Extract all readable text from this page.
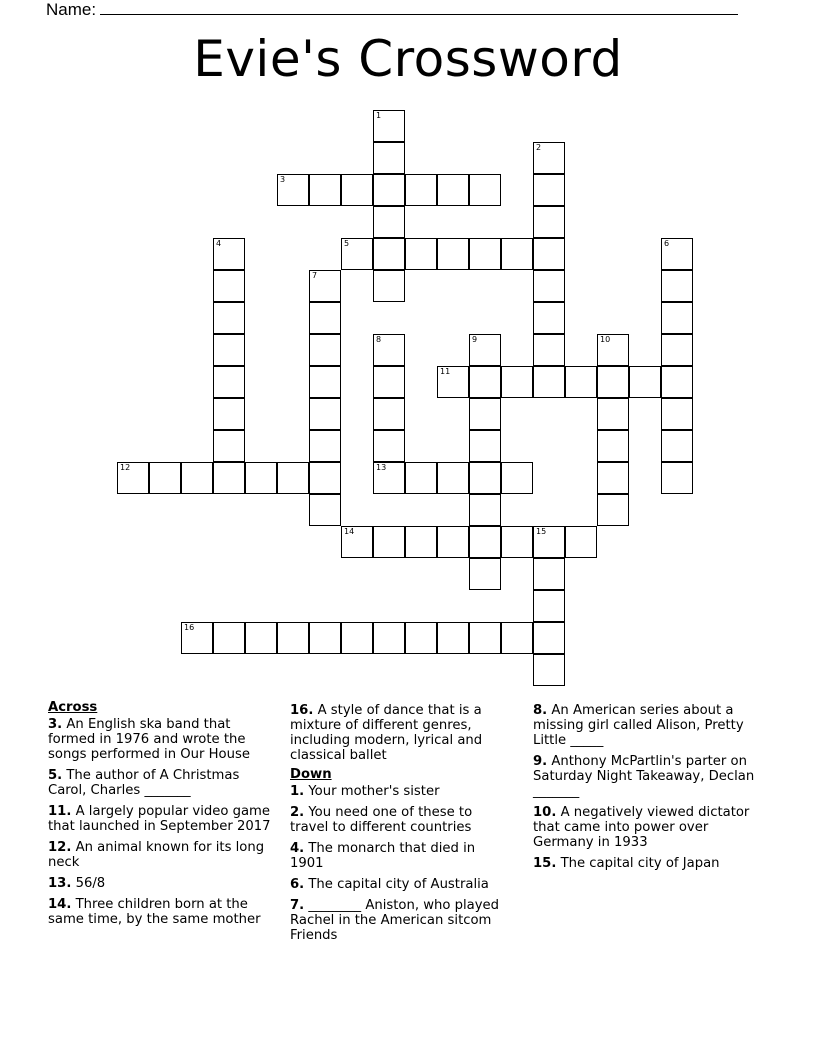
Name:
Evie's Crossword
1
2
3
4	5	6
7
8
13
9	10
11
12
14	15
16
Across
3. An English ska band that formed in 1976 and wrote the songs performed in Our House
5. The author of A Christmas Carol, Charles _______
11. A largely popular video game that launched in September 2017
12. An animal known for its long neck
13. 56/8
14. Three children born at the same time, by the same mother
16. A style of dance that is a mixture of different genres, including modern, lyrical and classical ballet
Down
1. Your mother's sister
2. You need one of these to travel to different countries
4. The monarch that died in 1901
6. The capital city of Australia
7. ________ Aniston, who played Rachel in the American sitcom Friends
8. An American series about a missing girl called Alison, Pretty Little _____
9. Anthony McPartlin's parter on Saturday Night Takeaway, Declan _______
10. A negatively viewed dictator that came into power over Germany in 1933
15. The capital city of Japan
